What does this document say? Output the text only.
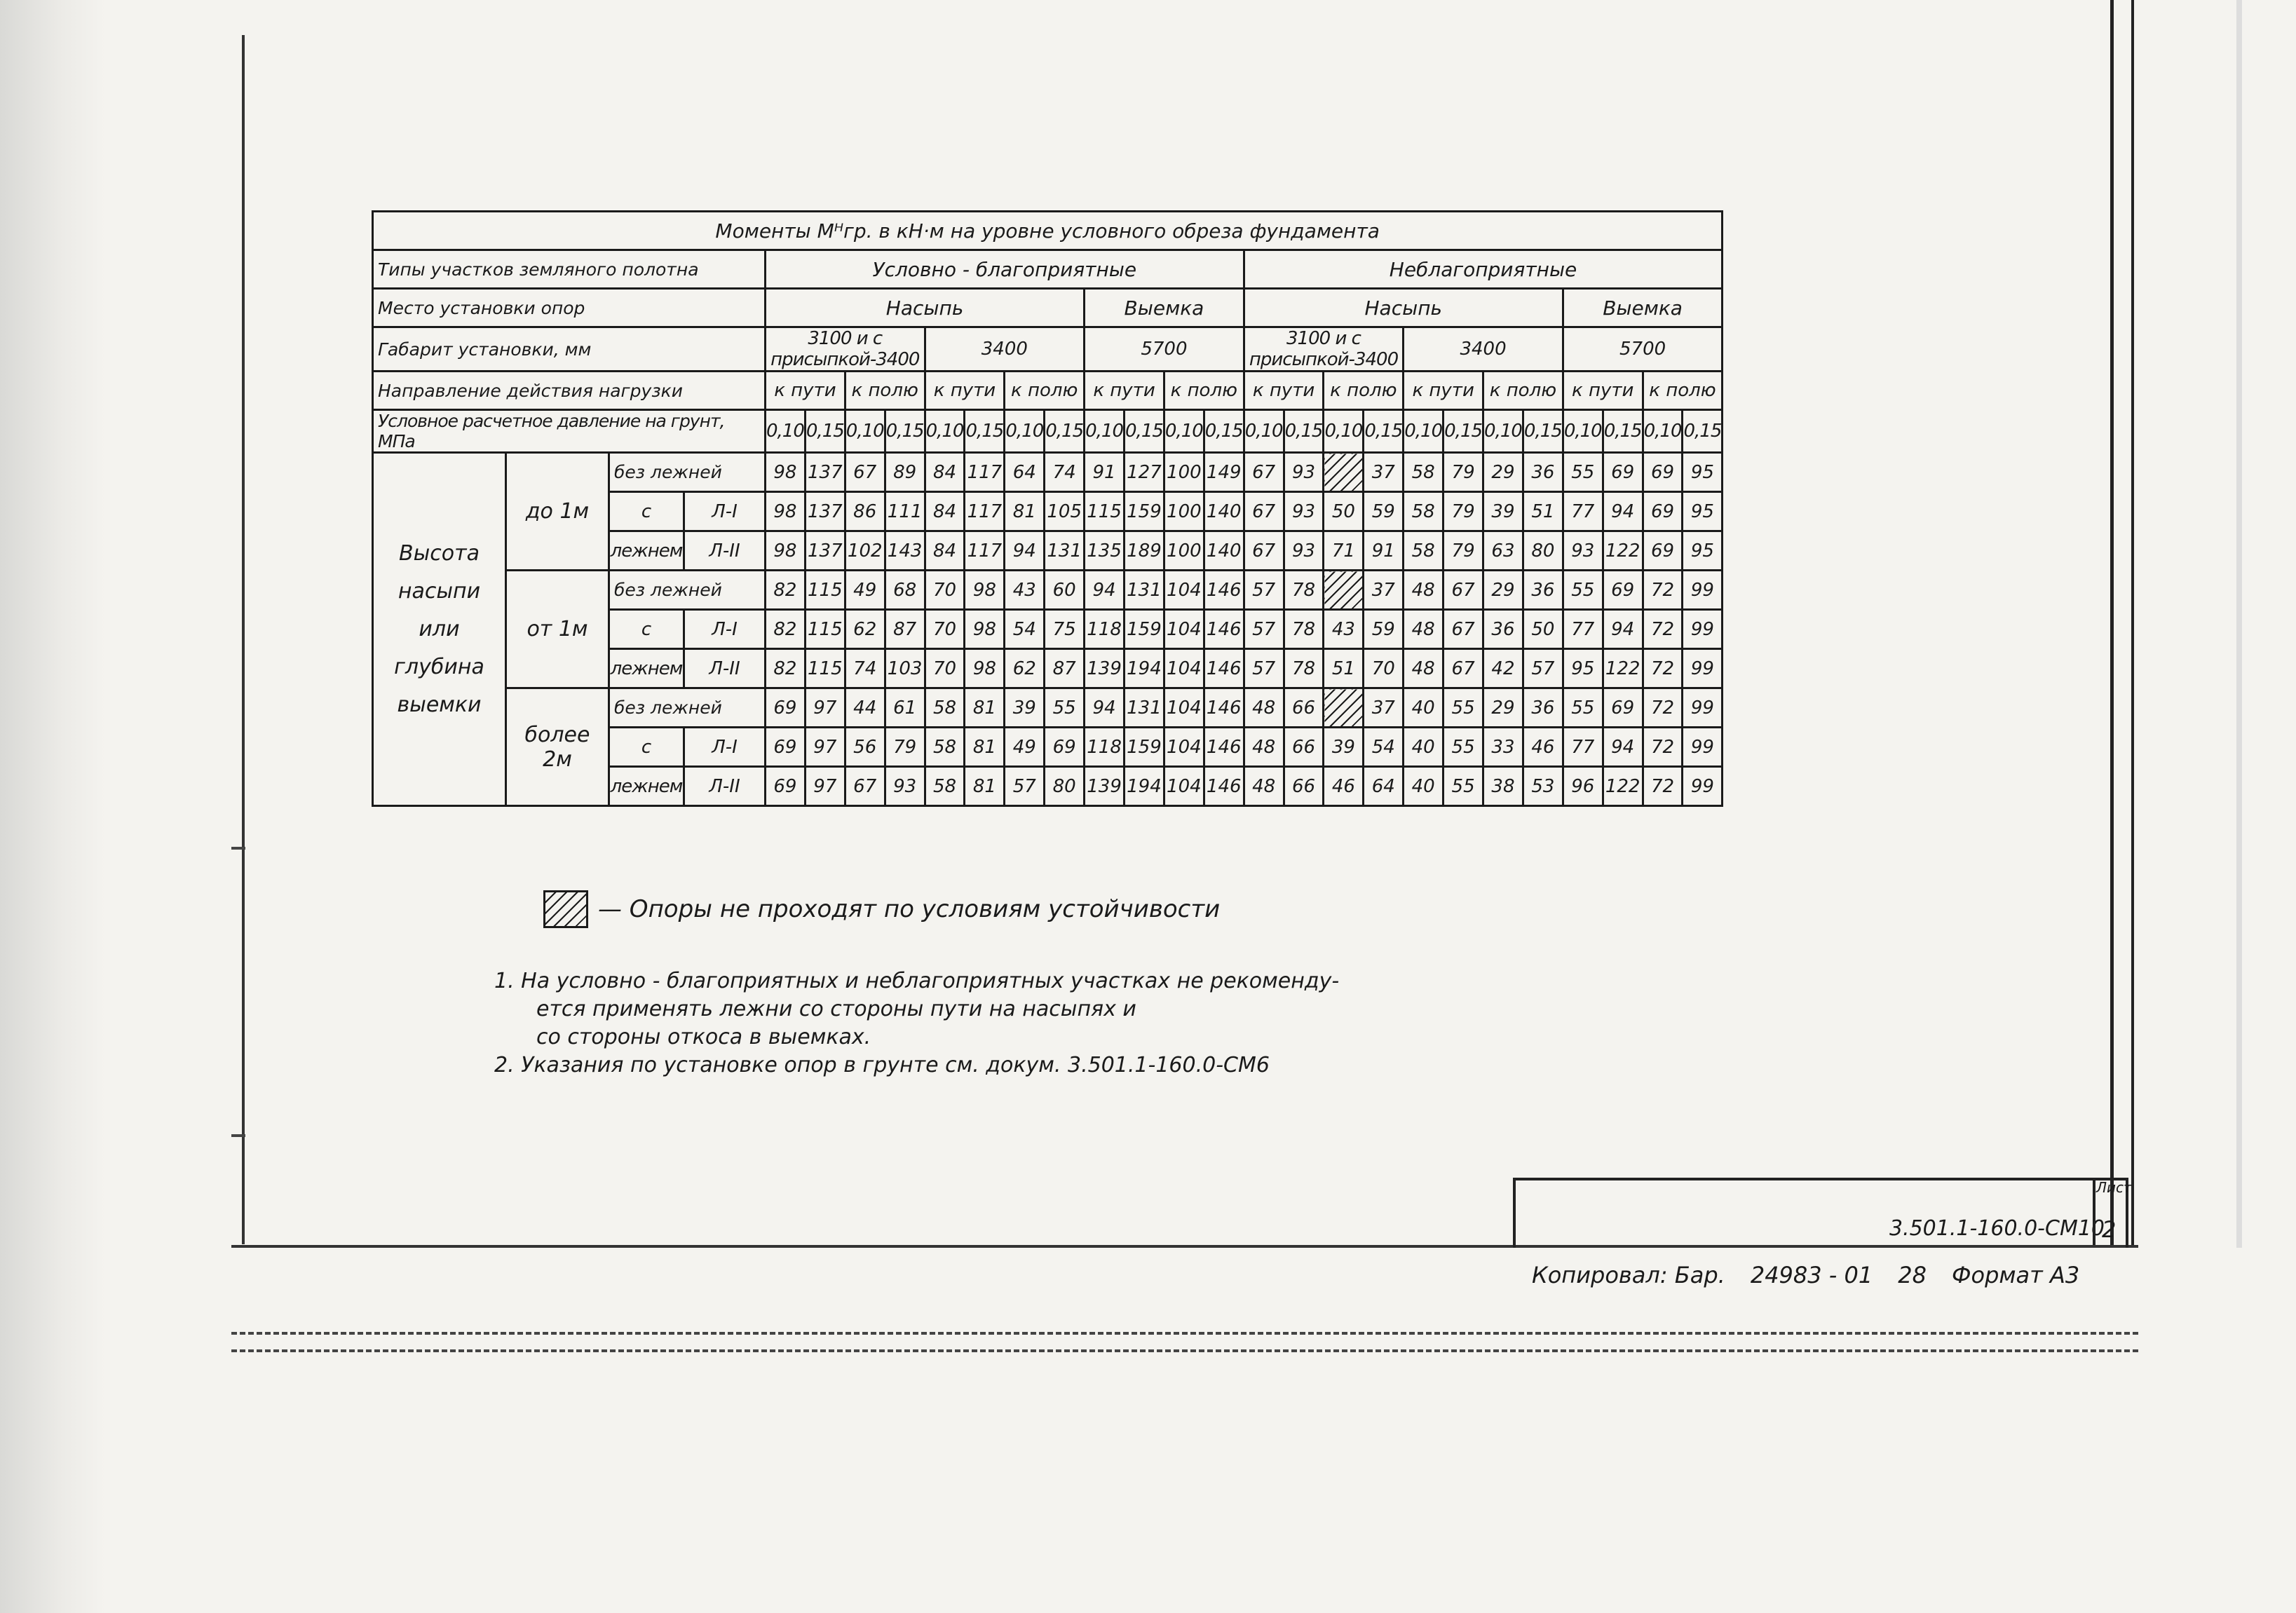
Моменты Mᴴгр. в кН·м на уровне условного обреза фундамента																											
Типы участков земляного полотна				Условно - благоприятные												Неблагоприятные											
Место установки опор				Насыпь								Выемка				Насыпь								Выемка			
Габарит установки, мм				3100 и с присыпкой-3400				3400				5700				3100 и с присыпкой-3400				3400				5700			
Направление действия нагрузки				к пути		к полю		к пути		к полю		к пути		к полю		к пути		к полю		к пути		к полю		к пути		к полю	
Условное расчетное давление на грунт, МПа				0,10	0,15	0,10	0,15	0,10	0,15	0,10	0,15	0,10	0,15	0,10	0,15	0,10	0,15	0,10	0,15	0,10	0,15	0,10	0,15	0,10	0,15	0,10	0,15

Высота
насыпи
или
глубина
выемки	до 1м	без лежней		98	137	67	89	84	117	64	74	91	127	100	149	67	93		37	58	79	29	36	55	69	69	95
		с	Л-I	98	137	86	111	84	117	81	105	115	159	100	140	67	93	50	59	58	79	39	51	77	94	69	95
		лежнем	Л-II	98	137	102	143	84	117	94	131	135	189	100	140	67	93	71	91	58	79	63	80	93	122	69	95
	от 1м	без лежней		82	115	49	68	70	98	43	60	94	131	104	146	57	78		37	48	67	29	36	55	69	72	99
		с	Л-I	82	115	62	87	70	98	54	75	118	159	104	146	57	78	43	59	48	67	36	50	77	94	72	99
		лежнем	Л-II	82	115	74	103	70	98	62	87	139	194	104	146	57	78	51	70	48	67	42	57	95	122	72	99
	более 2м	без лежней		69	97	44	61	58	81	39	55	94	131	104	146	48	66		37	40	55	29	36	55	69	72	99
		с	Л-I	69	97	56	79	58	81	49	69	118	159	104	146	48	66	39	54	40	55	33	46	77	94	72	99
		лежнем	Л-II	69	97	67	93	58	81	57	80	139	194	104	146	48	66	46	64	40	55	38	53	96	122	72	99
— Опоры не проходят по условиям устойчивости

1. На условно - благоприятных и неблагоприятных участках не рекоменду-

ется применять лежни со стороны пути на насыпях и

со стороны откоса в выемках.

2. Указания по установке опор в грунте см. докум. 3.501.1-160.0-СМ6

3.501.1-160.0-СМ10
Лист
2
Копировал: Бар. 24983 - 01 28 Формат А3
